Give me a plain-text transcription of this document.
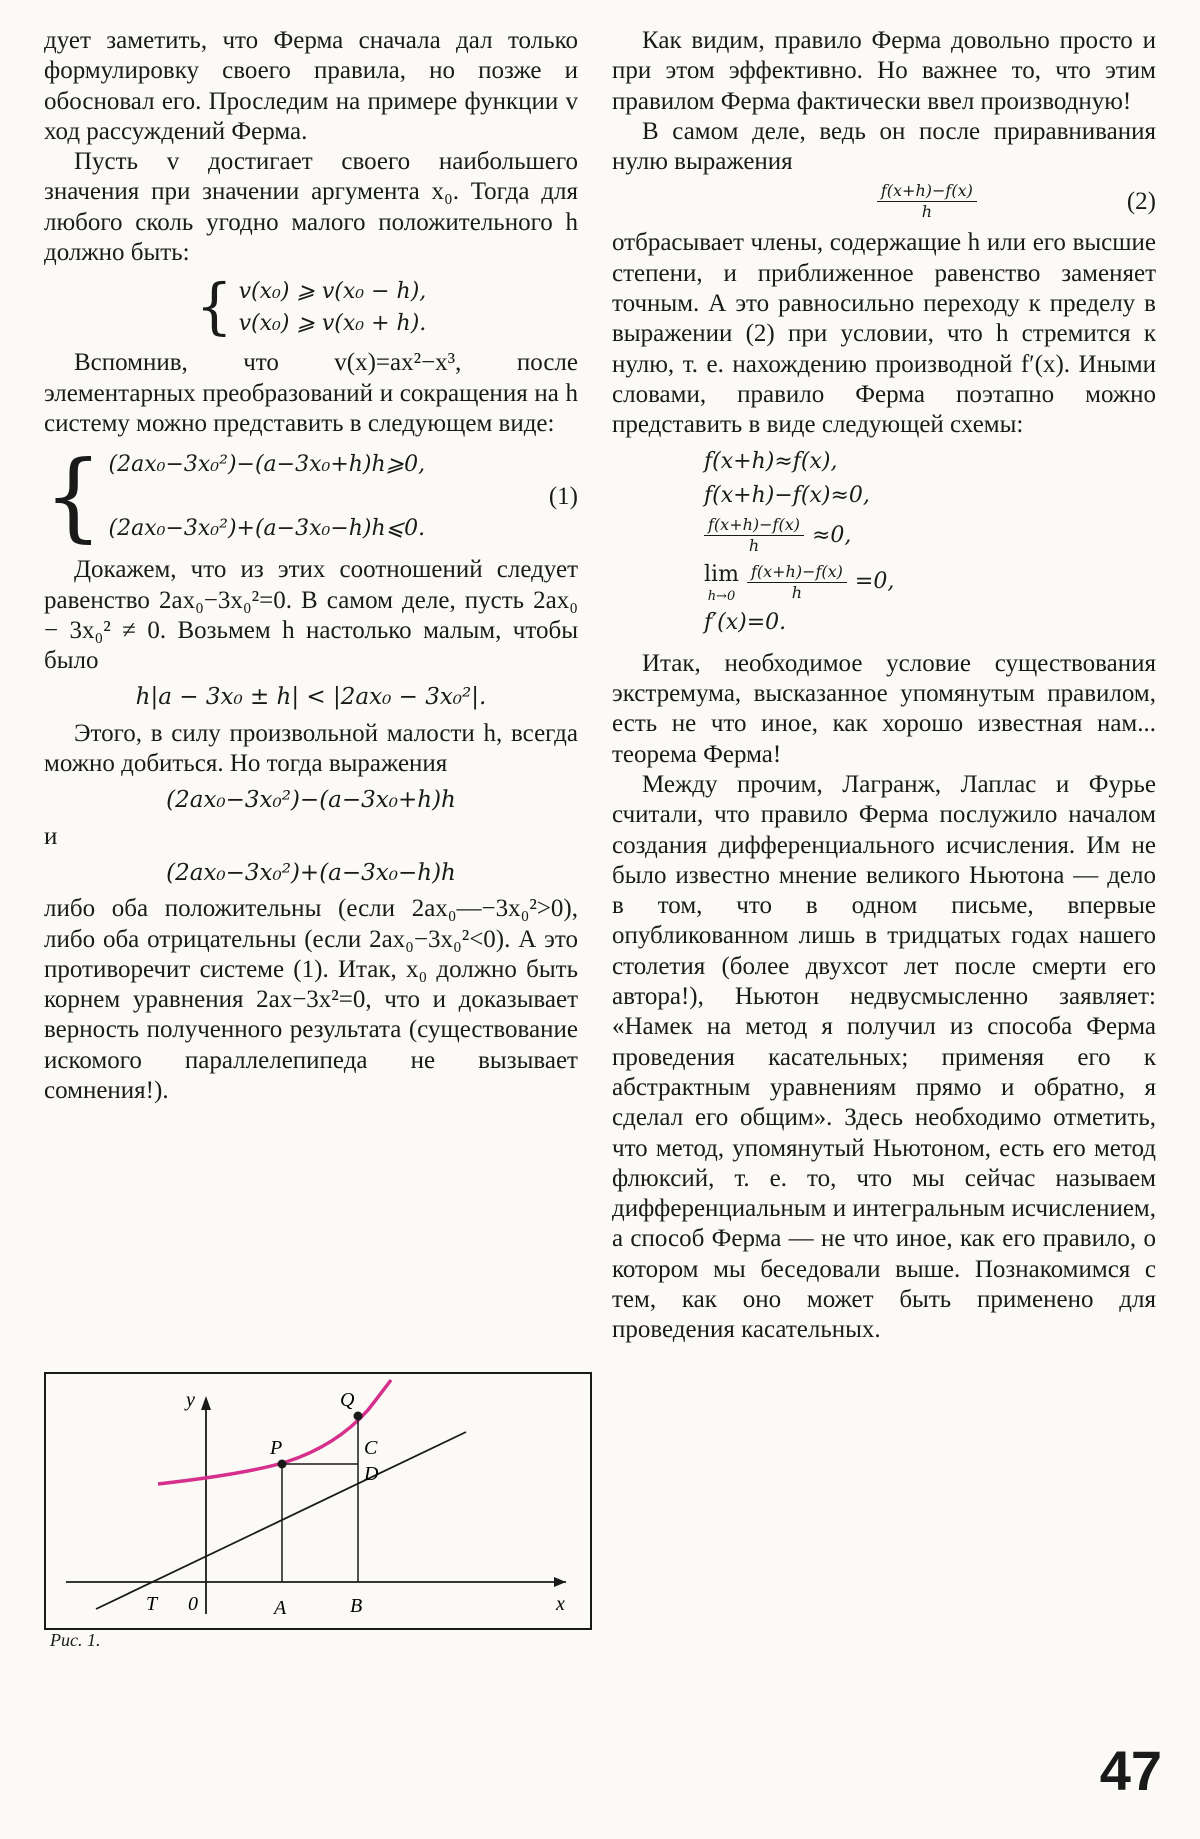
дует заметить, что Ферма сначала дал только формулировку своего правила, но позже и обосновал его. Проследим на примере функции v ход рассуждений Ферма.

Пусть v достигает своего наибольшего значения при значении аргумента x₀. Тогда для любого сколь угодно малого положительного h должно быть:

{ v(x₀) ⩾ v(x₀ − h),
v(x₀) ⩾ v(x₀ + h).

Вспомнив, что v(x)=ax²−x³, после элементарных преобразований и сокращения на h систему можно представить в следующем виде:

{ (2ax₀−3x₀²)−(a−3x₀+h)h⩾0,
(1)
(2ax₀−3x₀²)+(a−3x₀−h)h⩽0.

Докажем, что из этих соотношений следует равенство 2ax₀−3x₀²=0. В самом деле, пусть 2ax₀ − 3x₀² ≠ 0. Возьмем h настолько малым, чтобы было

h|a − 3x₀ ± h| < |2ax₀ − 3x₀²|.

Этого, в силу произвольной малости h, всегда можно добиться. Но тогда выражения

(2ax₀−3x₀²)−(a−3x₀+h)h

и

(2ax₀−3x₀²)+(a−3x₀−h)h

либо оба положительны (если 2ax₀—−3x₀²>0), либо оба отрицательны (если 2ax₀−3x₀²<0). А это противоречит системе (1). Итак, x₀ должно быть корнем уравнения 2ax−3x²=0, что и доказывает верность полученного результата (существование искомого параллелепипеда не вызывает сомнения!).

Как видим, правило Ферма довольно просто и при этом эффективно. Но важнее то, что этим правилом Ферма фактически ввел производную!

В самом деле, ведь он после приравнивания нулю выражения

$\frac{f(x+h)-f(x)}{h}$	(2)

отбрасывает члены, содержащие h или его высшие степени, и приближенное равенство заменяет точным. А это равносильно переходу к пределу в выражении (2) при условии, что h стремится к нулю, т. е. нахождению производной f′(x). Иными словами, правило Ферма поэтапно можно представить в виде следующей схемы:

f(x+h)≈f(x),
f(x+h)−f(x)≈0,
$\frac{f(x+h)-f(x)}{h} \approx 0$,
lim
$h\to 0 \frac{f(x+h)-f(x)}{h} =0$,
f′(x)=0.

Итак, необходимое условие существования экстремума, высказанное упомянутым правилом, есть не что иное, как хорошо известная нам... теорема Ферма!

Между прочим, Лагранж, Лаплас и Фурье считали, что правило Ферма послужило началом создания дифференциального исчисления. Им не было известно мнение великого Ньютона — дело в том, что в одном письме, впервые опубликованном лишь в тридцатых годах нашего столетия (более двухсот лет после смерти его автора!), Ньютон недвусмысленно заявляет: «Намек на метод я получил из способа Ферма проведения касательных; применяя его к абстрактным уравнениям прямо и обратно, я сделал его общим». Здесь необходимо отметить, что метод, упомянутый Ньютоном, есть его метод флюксий, т. е. то, что мы сейчас называем дифференциальным и интегральным исчислением, а способ Ферма — не что иное, как его правило, о котором мы беседовали выше. Познакомимся с тем, как оно может быть применено для проведения касательных.

y
x
Q
P	C
D
T 0	A	B
Рис. 1.
47
